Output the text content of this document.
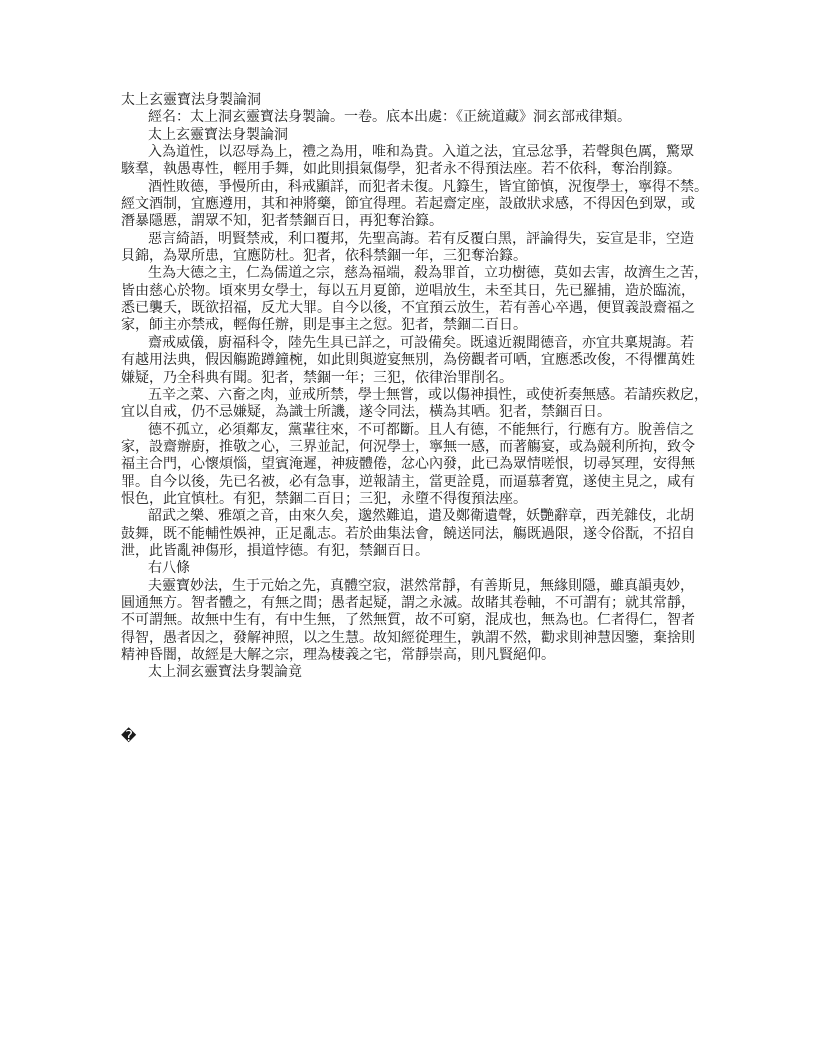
太上玄靈寶法身製論洞
經名：太上洞玄靈寶法身製論。一卷。底本出處：《正統道藏》洞玄部戒律類。
太上玄靈寶法身製論洞
入為道性，以忍辱為上，禮之為用，唯和為貴。入道之法，宜忌忿爭，若聲與色厲，驚眾
駭羣，執愚專性，輕用手舞，如此則損氣傷學，犯者永不得預法座。若不依科，奪治削籙。
酒性敗德，爭慢所由，科戒顯詳，而犯者未復。凡籙生，皆宜節慎，況復學士，寧得不禁。
經文酒制，宜應遵用，其和神將藥，節宜得理。若起齋定座，設啟狀求感，不得因色到眾，或
潛暴隱慝，謂眾不知，犯者禁錮百日，再犯奪治籙。
惡言綺語，明賢禁戒，利口覆邦，先聖高誨。若有反覆白黑，評論得失，妄宣是非，空造
貝錦，為眾所患，宜應防杜。犯者，依科禁錮一年，三犯奪治籙。
生為大德之主，仁為儒道之宗，慈為福端，殺為罪首，立功樹德，莫如去害，故濟生之苦，
皆由慈心於物。頃來男女學士，每以五月夏節，逆唱放生，未至其日，先已羅捕，造於臨流，
悉已襲夭，既欲招福，反尤大罪。自今以後，不宜預云放生，若有善心卒遇，便買義設齋福之
家，師主亦禁戒，輕侮任辦，則是事主之愆。犯者，禁錮二百日。
齋戒威儀，廚福科令，陸先生具已詳之，可設備矣。既遠近親聞德音，亦宜共稟規誨。若
有越用法典，假因觴跪蹲鐘椀，如此則與遊宴無別，為傍觀者可哂，宜應悉改俊，不得懼萬姓
嫌疑，乃全科典有聞。犯者，禁錮一年；三犯，依律治罪削名。
五辛之菜、六畜之肉，並戒所禁，學士無嘗，或以傷神損性，或使祈奏無感。若請疾救戹，
宜以自戒，仍不忌嫌疑，為識士所譏，遂令同法，橫為其哂。犯者，禁錮百日。
德不孤立，必須鄰友，黨輩往來，不可都斷。且人有德，不能無行，行應有方。脫善信之
家，設齋辦廚，推敬之心，三界並記，何況學士，寧無一感，而著觴宴，或為競利所拘，致令
福主合門，心懷煩惱，望賓淹遲，神疲體倦，忿心內發，此已為眾情嗟恨，切尋冥理，安得無
罪。自今以後，先已名被，必有急事，逆報請主，當更詮覓，而逼慕奢寬，遂使主見之，咸有
恨色，此宜慎杜。有犯，禁錮二百日；三犯，永墮不得復預法座。
韶武之樂、雅頌之音，由來久矣，邈然難追，遣及鄭衛遺聲，妖艷辭章，西羌雜伎，北胡
鼓舞，既不能輔性娛神，正足亂志。若於曲集法會，饒送同法，觴既過限，遂令俗翫，不招自
泄，此皆亂神傷形，損道悖德。有犯，禁錮百日。
右八條
夫靈寶妙法，生于元始之先，真體空寂，湛然常靜，有善斯見，無緣則隱，雖真韻夷妙，
圓通無方。智者體之，有無之間；愚者起疑，謂之永滅。故睹其卷軸，不可謂有；就其常靜，
不可謂無。故無中生有，有中生無，了然無質，故不可窮，混成也，無為也。仁者得仁，智者
得智，愚者因之，發解神照，以之生慧。故知經從理生，孰謂不然，勸求則神慧因鑒，棄捨則
精神昏闇，故經是大解之宗，理為棲義之宅，常靜崇高，則凡賢絕仰。
太上洞玄靈寶法身製論竟
�
